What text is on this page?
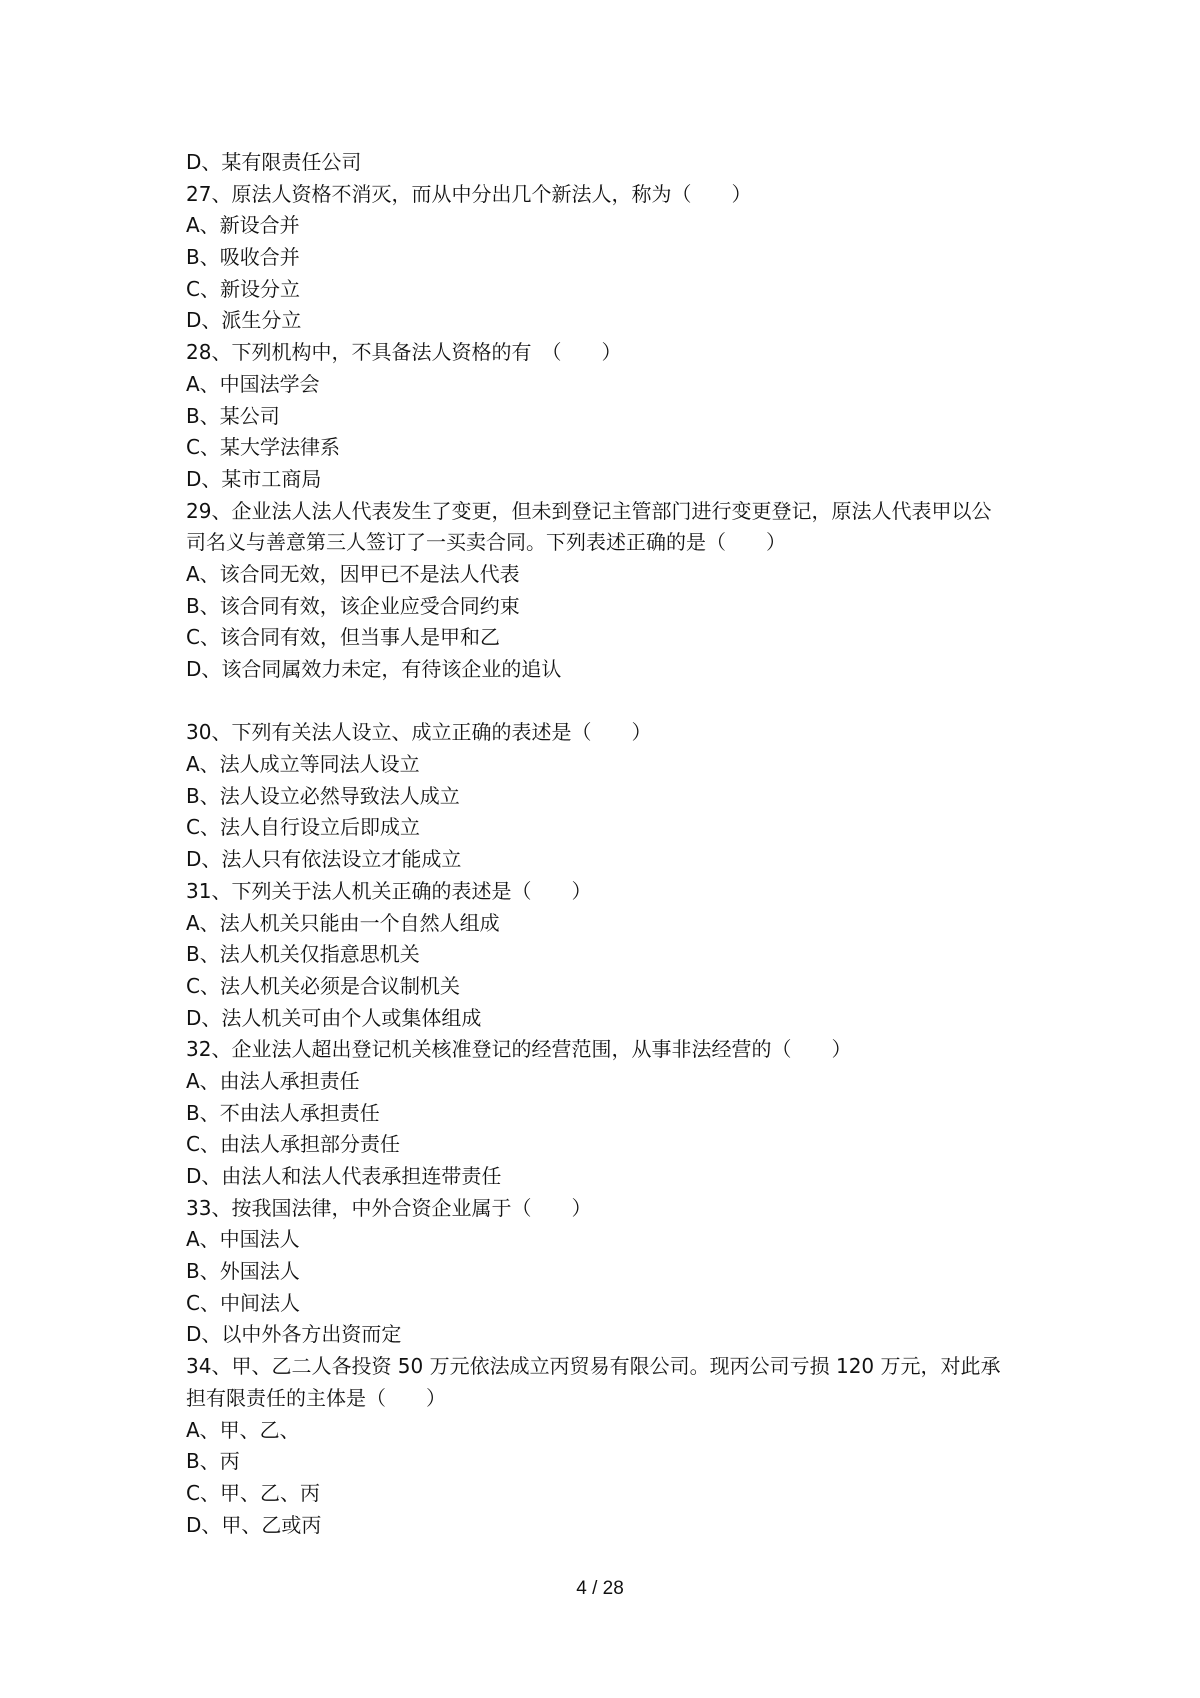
D、某有限责任公司
27、原法人资格不消灭，而从中分出几个新法人，称为（　　）
A、新设合并
B、吸收合并
C、新设分立
D、派生分立
28、下列机构中，不具备法人资格的有　（　　）
A、中国法学会
B、某公司
C、某大学法律系
D、某市工商局
29、企业法人法人代表发生了变更，但未到登记主管部门进行变更登记，原法人代表甲以公
司名义与善意第三人签订了一买卖合同。下列表述正确的是（　　）
A、该合同无效，因甲已不是法人代表
B、该合同有效，该企业应受合同约束
C、该合同有效，但当事人是甲和乙
D、该合同属效力未定，有待该企业的追认
30、下列有关法人设立、成立正确的表述是（　　）
A、法人成立等同法人设立
B、法人设立必然导致法人成立
C、法人自行设立后即成立
D、法人只有依法设立才能成立
31、下列关于法人机关正确的表述是（　　）
A、法人机关只能由一个自然人组成
B、法人机关仅指意思机关
C、法人机关必须是合议制机关
D、法人机关可由个人或集体组成
32、企业法人超出登记机关核准登记的经营范围，从事非法经营的（　　）
A、由法人承担责任
B、不由法人承担责任
C、由法人承担部分责任
D、由法人和法人代表承担连带责任
33、按我国法律，中外合资企业属于（　　）
A、中国法人
B、外国法人
C、中间法人
D、以中外各方出资而定
34、甲、乙二人各投资 50 万元依法成立丙贸易有限公司。现丙公司亏损 120 万元，对此承
担有限责任的主体是（　　）
A、甲、乙、
B、丙
C、甲、乙、丙
D、甲、乙或丙
4 / 28
